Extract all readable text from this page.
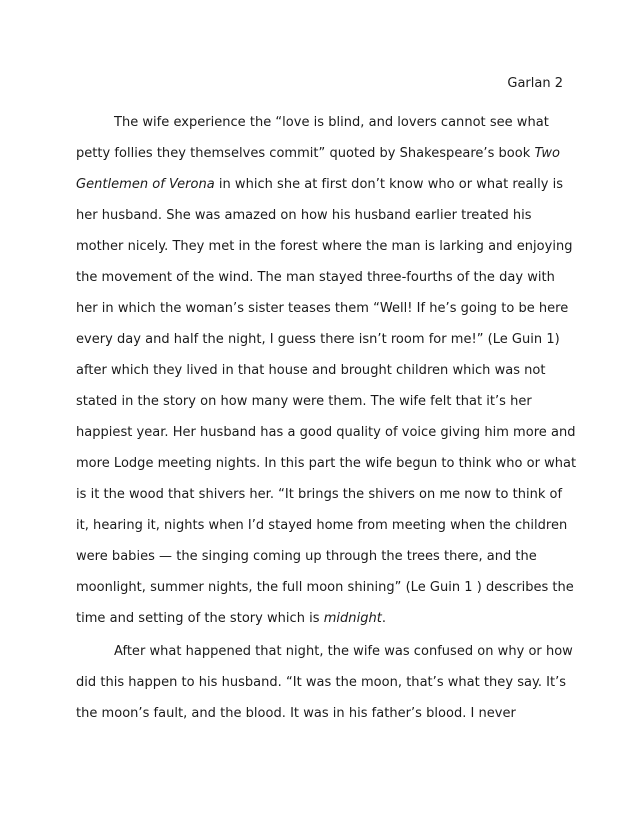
Garlan 2
The wife experience the “love is blind, and lovers cannot see what
petty follies they themselves commit” quoted by Shakespeare’s book Two
Gentlemen of Verona in which she at first don’t know who or what really is
her husband. She was amazed on how his husband earlier treated his
mother nicely. They met in the forest where the man is larking and enjoying
the movement of the wind. The man stayed three-fourths of the day with
her in which the woman’s sister teases them “Well! If he’s going to be here
every day and half the night, I guess there isn’t room for me!” (Le Guin 1)
after which they lived in that house and brought children which was not
stated in the story on how many were them. The wife felt that it’s her
happiest year. Her husband has a good quality of voice giving him more and
more Lodge meeting nights. In this part the wife begun to think who or what
is it the wood that shivers her. “It brings the shivers on me now to think of
it, hearing it, nights when I’d stayed home from meeting when the children
were babies — the singing coming up through the trees there, and the
moonlight, summer nights, the full moon shining” (Le Guin 1 ) describes the
time and setting of the story which is midnight.
After what happened that night, the wife was confused on why or how
did this happen to his husband. “It was the moon, that’s what they say. It’s
the moon’s fault, and the blood. It was in his father’s blood. I never
